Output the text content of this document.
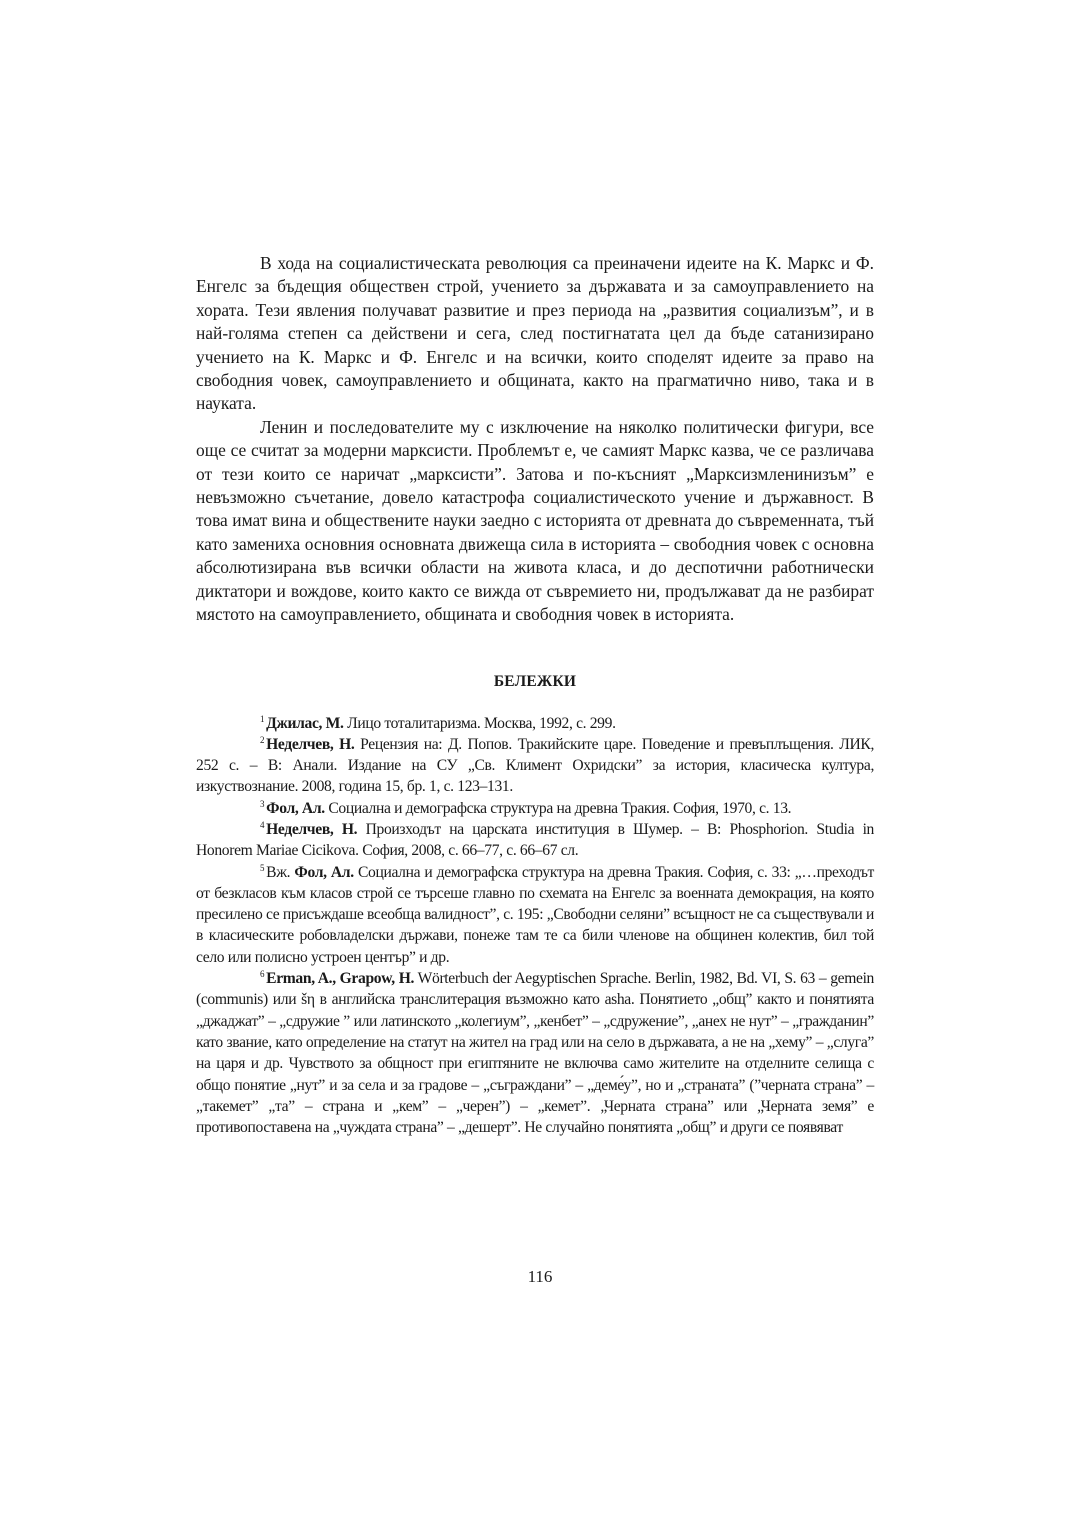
В хода на социалистическата революция са преиначени идеите на К. Маркс и Ф. Енгелс за бъдещия обществен строй, учението за държавата и за самоуправлението на хората. Тези явления получават развитие и през периода на „развития социализъм”, и в най-голяма степен са действени и сега, след постигнатата цел да бъде сатанизирано учението на К. Маркс и Ф. Енгелс и на всички, които споделят идеите за право на свободния човек, самоуправлението и общината, както на прагматично ниво, така и в науката.

Ленин и последователите му с изключение на няколко политически фигури, все още се считат за модерни марксисти. Проблемът е, че самият Маркс казва, че се различава от тези които се наричат „марксисти”. Затова и по-късният „Марксизмленинизъм” е невъзможно съчетание, довело катастрофа социалистическото учение и държавност. В това имат вина и обществените науки заедно с историята от древната до съвременната, тъй като замениха основния основната движеща сила в историята – свободния човек с основна абсолютизирана във всички области на живота класа, и до деспотични работнически диктатори и вождове, които както се вижда от съвремието ни, продължават да не разбират мястото на самоуправлението, общината и свободния човек в историята.

БЕЛЕЖКИ

$^1$ Джилас, М. Лицо тоталитаризма. Москва, 1992, с. 299.

$^2$ Неделчев, Н. Рецензия на: Д. Попов. Тракийските царе. Поведение и превъплъщения. ЛИК, 252 с. – В: Анали. Издание на СУ „Св. Климент Охридски” за история, класическа култура, изкуствознание. 2008, година 15, бр. 1, с. 123–131.

$^3$ Фол, Ал. Социална и демографска структура на древна Тракия. София, 1970, с. 13.

$^4$ Неделчев, Н. Произходът на царската институция в Шумер. – В: Phosphorion. Studia in Honorem Mariae Cicikova. София, 2008, с. 66–77, с. 66–67 сл.

$^5$ Вж. Фол, Ал. Социална и демографска структура на древна Тракия. София, с. 33: „…преходът от безкласов към класов строй се търсеше главно по схемата на Енгелс за военната демокрация, на която пресилено се присъждаше всеобща валидност”, с. 195: „Свободни селяни” всъщност не са съществували и в класическите робовладелски държави, понеже там те са били членове на общинен колектив, бил той село или полисно устроен център” и др.

$^6$ Erman, A., Grapow, H. Wörterbuch der Aegyptischen Sprache. Berlin, 1982, Bd. VI, S. 63 – gemein (communis) или šη в английска транслитерация възможно като asha. Понятието „общ” както и понятията „джаджат” – „сдружие ” или латинското „колегиум”, „кенбет” – „сдружение”, „анех не нут” – „гражданин” като звание, като определение на статут на жител на град или на село в държавата, а не на „хему” – „слуга” на царя и др. Чувството за общност при египтяните не включва само жителите на отделните селища с общо понятие „нут” и за села и за градове – „съграждани” – „деме́у”, но и „страната” (”черната страна” – „такемет” „та” – страна и „кем” – „черен”) – „кемет”. „Черната страна” или „Черната земя” е противопоставена на „чуждата страна” – „дешерт”. Не случайно понятията „общ” и други се появяват

116
